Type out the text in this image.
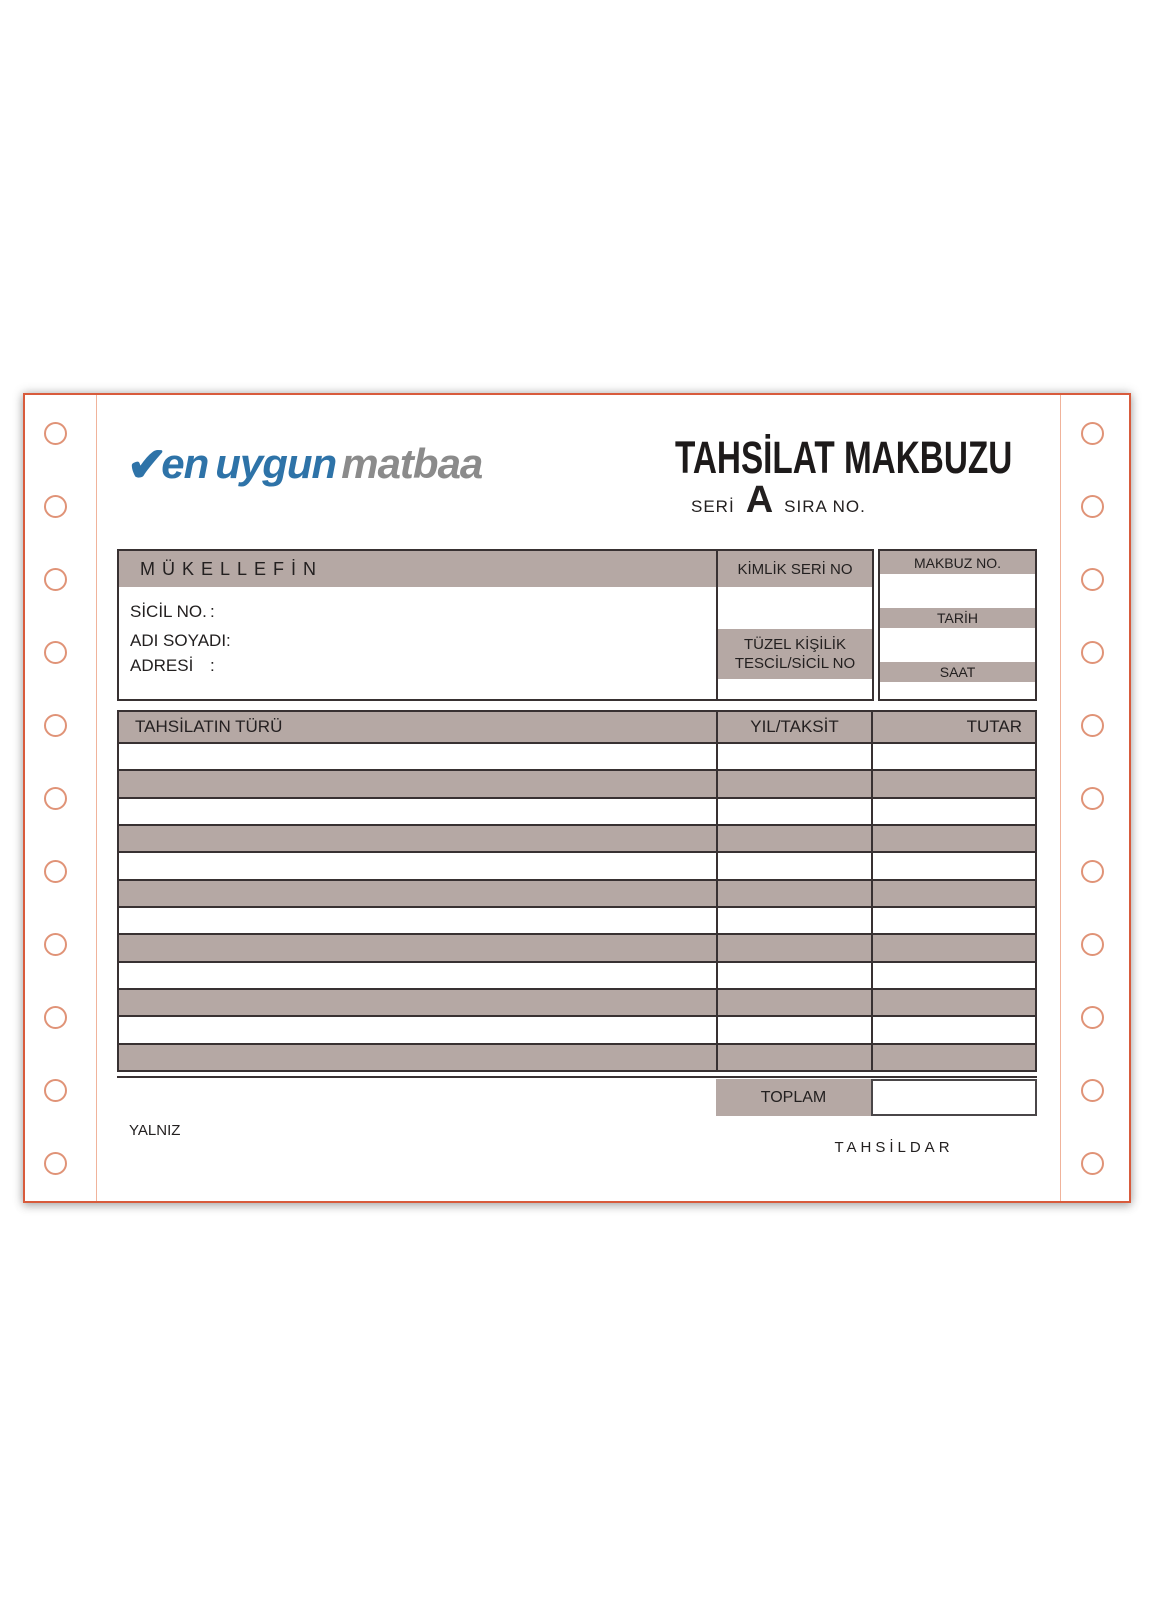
✔en uygun matbaa	TAHSİLAT MAKBUZU
SERİ A SIRA NO.
MÜKELLEFİN	KİMLİK SERİ NO
SİCİL NO. :
ADI SOYADI:
ADRESİ :
TÜZEL KİŞİLİK
TESCİL/SİCİL NO
MAKBUZ NO.
TARİH
SAAT
TAHSİLATIN TÜRÜ	YIL/TAKSİT	TUTAR
TOPLAM
YALNIZ
TAHSİLDAR
